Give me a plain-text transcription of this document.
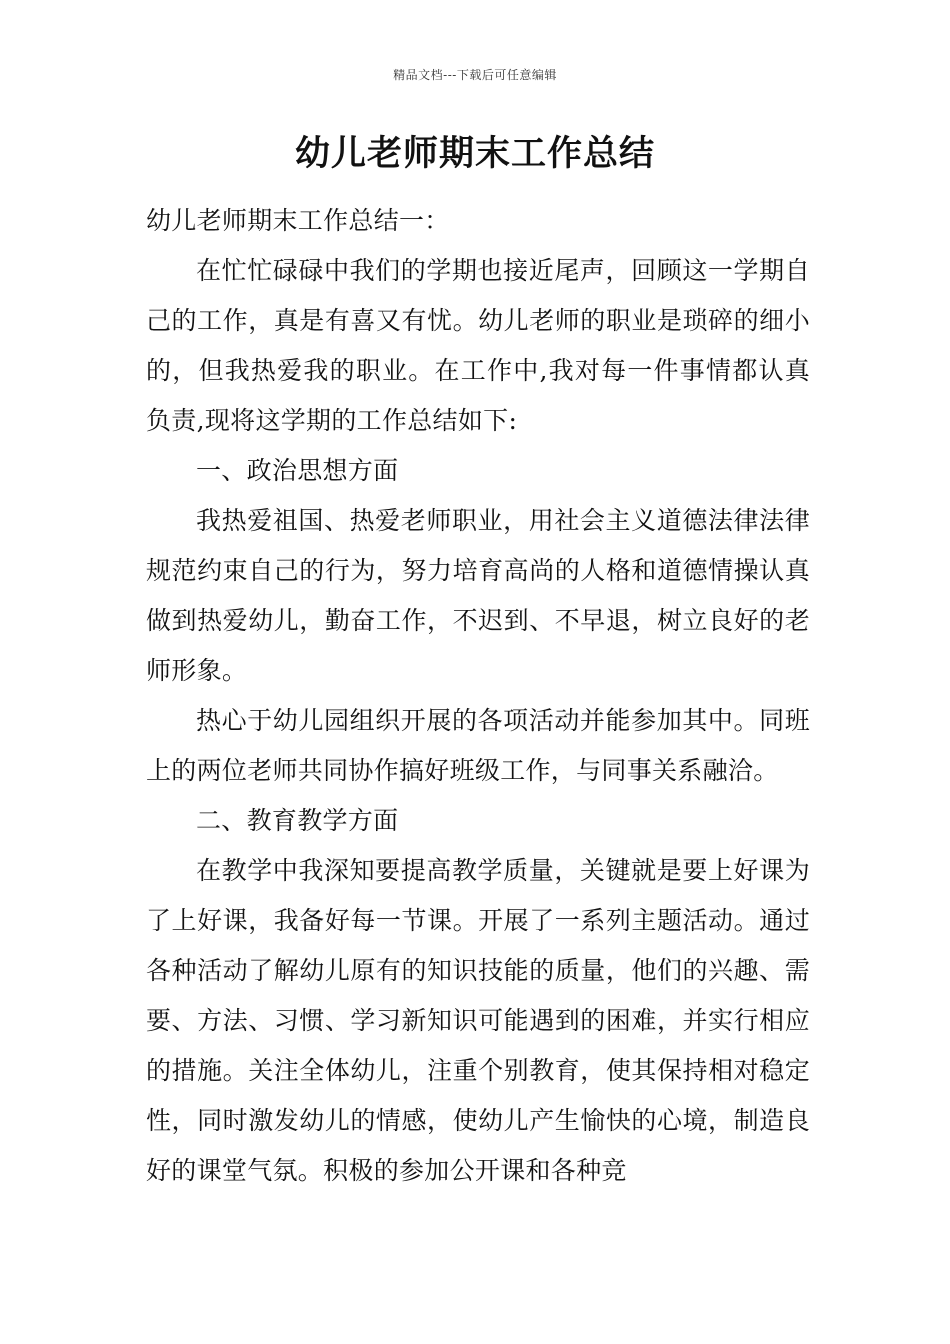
精品文档---下载后可任意编辑
幼儿老师期末工作总结

幼儿老师期末工作总结一：

在忙忙碌碌中我们的学期也接近尾声，回顾这一学期自己的工作，真是有喜又有忧。幼儿老师的职业是琐碎的细小的，但我热爱我的职业。在工作中,我对每一件事情都认真负责,现将这学期的工作总结如下:

一、政治思想方面

我热爱祖国、热爱老师职业，用社会主义道德法律法律规范约束自己的行为，努力培育高尚的人格和道德情操认真做到热爱幼儿，勤奋工作，不迟到、不早退，树立良好的老师形象。

热心于幼儿园组织开展的各项活动并能参加其中。同班上的两位老师共同协作搞好班级工作，与同事关系融洽。

二、教育教学方面

在教学中我深知要提高教学质量，关键就是要上好课为了上好课，我备好每一节课。开展了一系列主题活动。通过各种活动了解幼儿原有的知识技能的质量，他们的兴趣、需要、方法、习惯、学习新知识可能遇到的困难，并实行相应的措施。关注全体幼儿，注重个别教育，使其保持相对稳定性，同时激发幼儿的情感，使幼儿产生愉快的心境，制造良好的课堂气氛。积极的参加公开课和各种竞
